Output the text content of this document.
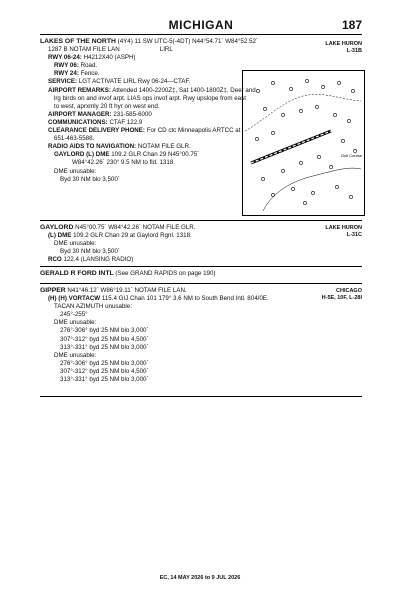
MICHIGAN	187
LAKES OF THE NORTH (4Y4) 11 SW UTC-5(-4DT) N44°54.71´ W84°52.52´
1287 B NOTAM FILE LAN	LIRL
RWY 06-24: H4212X40 (ASPH)
RWY 06: Road.
RWY 24: Fence.
SERVICE: LGT ACTIVATE LIRL Rwy 06-24—CTAF.
AIRPORT REMARKS: Attended 1400-2200Z‡, Sat 1400-1800Z‡. Deer and
lrg birds on and invof arpt. LIAS ops invof arpt. Rwy upslope from east
to west, aprxmly 20 ft hyr on west end.
AIRPORT MANAGER: 231-585-6000
COMMUNICATIONS: CTAF 122.9
CLEARANCE DELIVERY PHONE: For CD ctc Minneapolis ARTCC at
651-463-5588.
RADIO AIDS TO NAVIGATION: NOTAM FILE GLR.
GAYLORD (L) DME 109.2 GLR Chan 29 N45°00.75´
W84°42.26´ 230° 9.5 NM to fld. 1318.
DME unusable:
Byd 30 NM blo 3,500´
LAKE HURON
L-31B
Gull Course
GAYLORD N45°00.75´ W84°42.26´ NOTAM FILE GLR.
(L) DME 109.2 GLR Chan 29 at Gaylord Rgnl. 1318.
DME unusable:
Byd 30 NM blo 3,500´
RCO 122.4 (LANSING RADIO)
LAKE HURON
L-31C
GERALD R FORD INTL (See GRAND RAPIDS on page 190)
GIPPER N41°46.12´ W86°19.11´ NOTAM FILE LAN.
(H) (H) VORTACW 115.4 GIJ Chan 101 179° 3.6 NM to South Bend Intl. 804/0E.
TACAN AZIMUTH unusable:
245°-255°
DME unusable:
276°-306° byd 25 NM blo 3,000´
307°-312° byd 25 NM blo 4,500´
313°-331° byd 25 NM blo 3,000´
DME unusable:
276°-306° byd 25 NM blo 3,000´
307°-312° byd 25 NM blo 4,500´
313°-331° byd 25 NM blo 3,000´
CHICAGO
H-5E, 10F, L-28I
EC, 14 MAY 2026 to 9 JUL 2026
